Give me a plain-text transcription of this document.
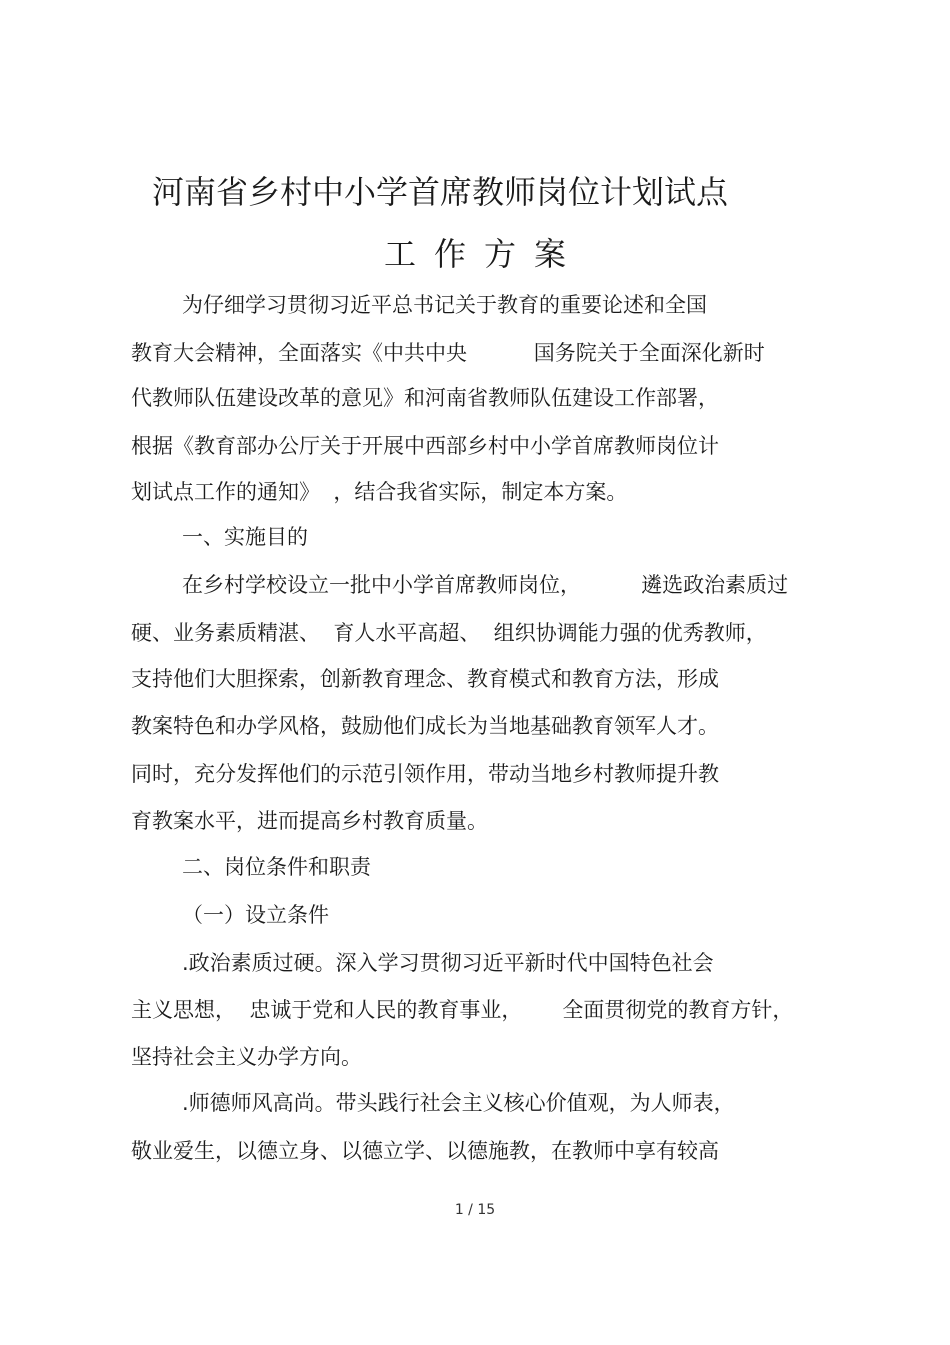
河南省乡村中小学首席教师岗位计划试点
工作方案
为仔细学习贯彻习近平总书记关于教育的重要论述和全国
教育大会精神，全面落实《中共中央          国务院关于全面深化新时
代教师队伍建设改革的意见》和河南省教师队伍建设工作部署，
根据《教育部办公厅关于开展中西部乡村中小学首席教师岗位计
划试点工作的通知》  ，结合我省实际，制定本方案。
一、实施目的
在乡村学校设立一批中小学首席教师岗位，         遴选政治素质过
硬、业务素质精湛、  育人水平高超、  组织协调能力强的优秀教师，
支持他们大胆探索，创新教育理念、教育模式和教育方法，形成
教案特色和办学风格，鼓励他们成长为当地基础教育领军人才。
同时，充分发挥他们的示范引领作用，带动当地乡村教师提升教
育教案水平，进而提高乡村教育质量。
二、岗位条件和职责
（一）设立条件
.政治素质过硬。深入学习贯彻习近平新时代中国特色社会
主义思想，  忠诚于党和人民的教育事业，      全面贯彻党的教育方针，
坚持社会主义办学方向。
.师德师风高尚。带头践行社会主义核心价值观，为人师表，
敬业爱生，以德立身、以德立学、以德施教，在教师中享有较高
1 / 15
